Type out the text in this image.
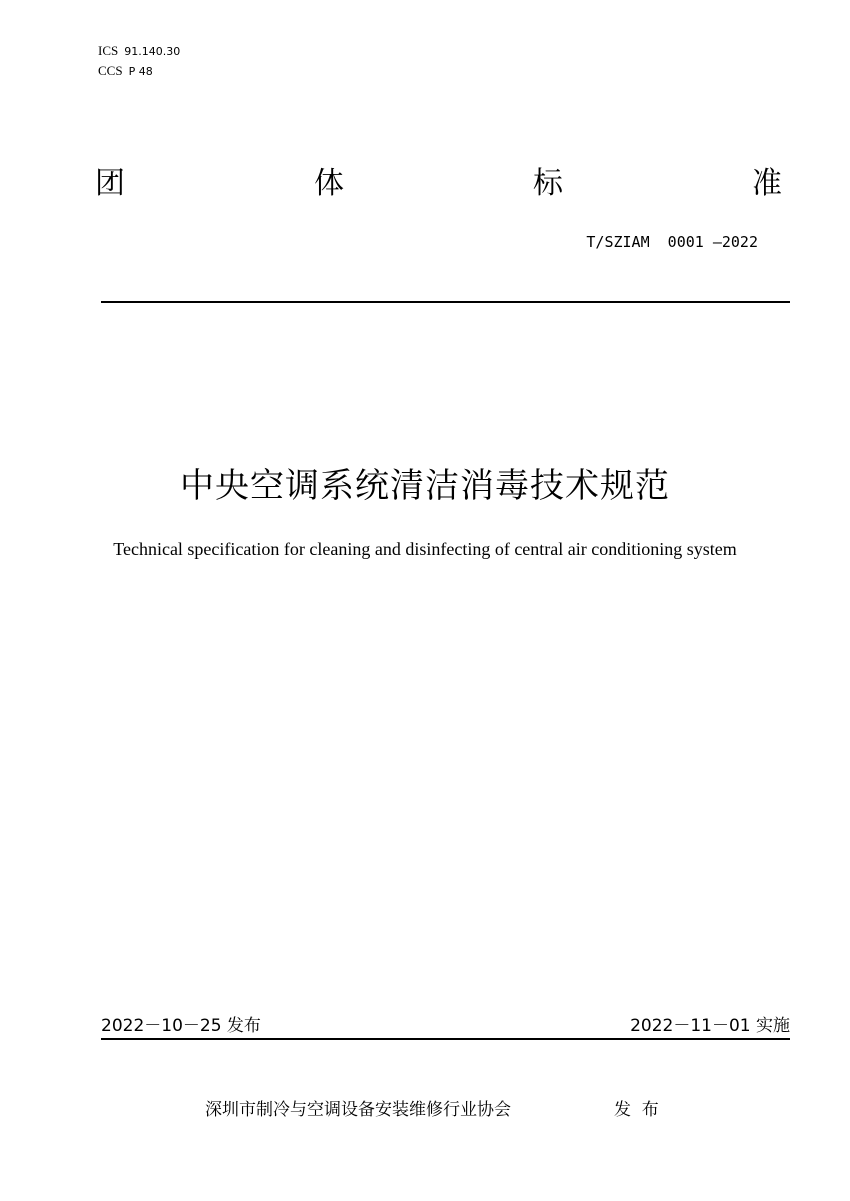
ICS 91.140.30
CCS P 48
团	体	标	准
T/SZIAM  0001 —2022
中央空调系统清洁消毒技术规范
Technical specification for cleaning and disinfecting of central air conditioning system
2022－10－25 发布	2022－11－01 实施
深圳市制冷与空调设备安装维修行业协会	发  布
